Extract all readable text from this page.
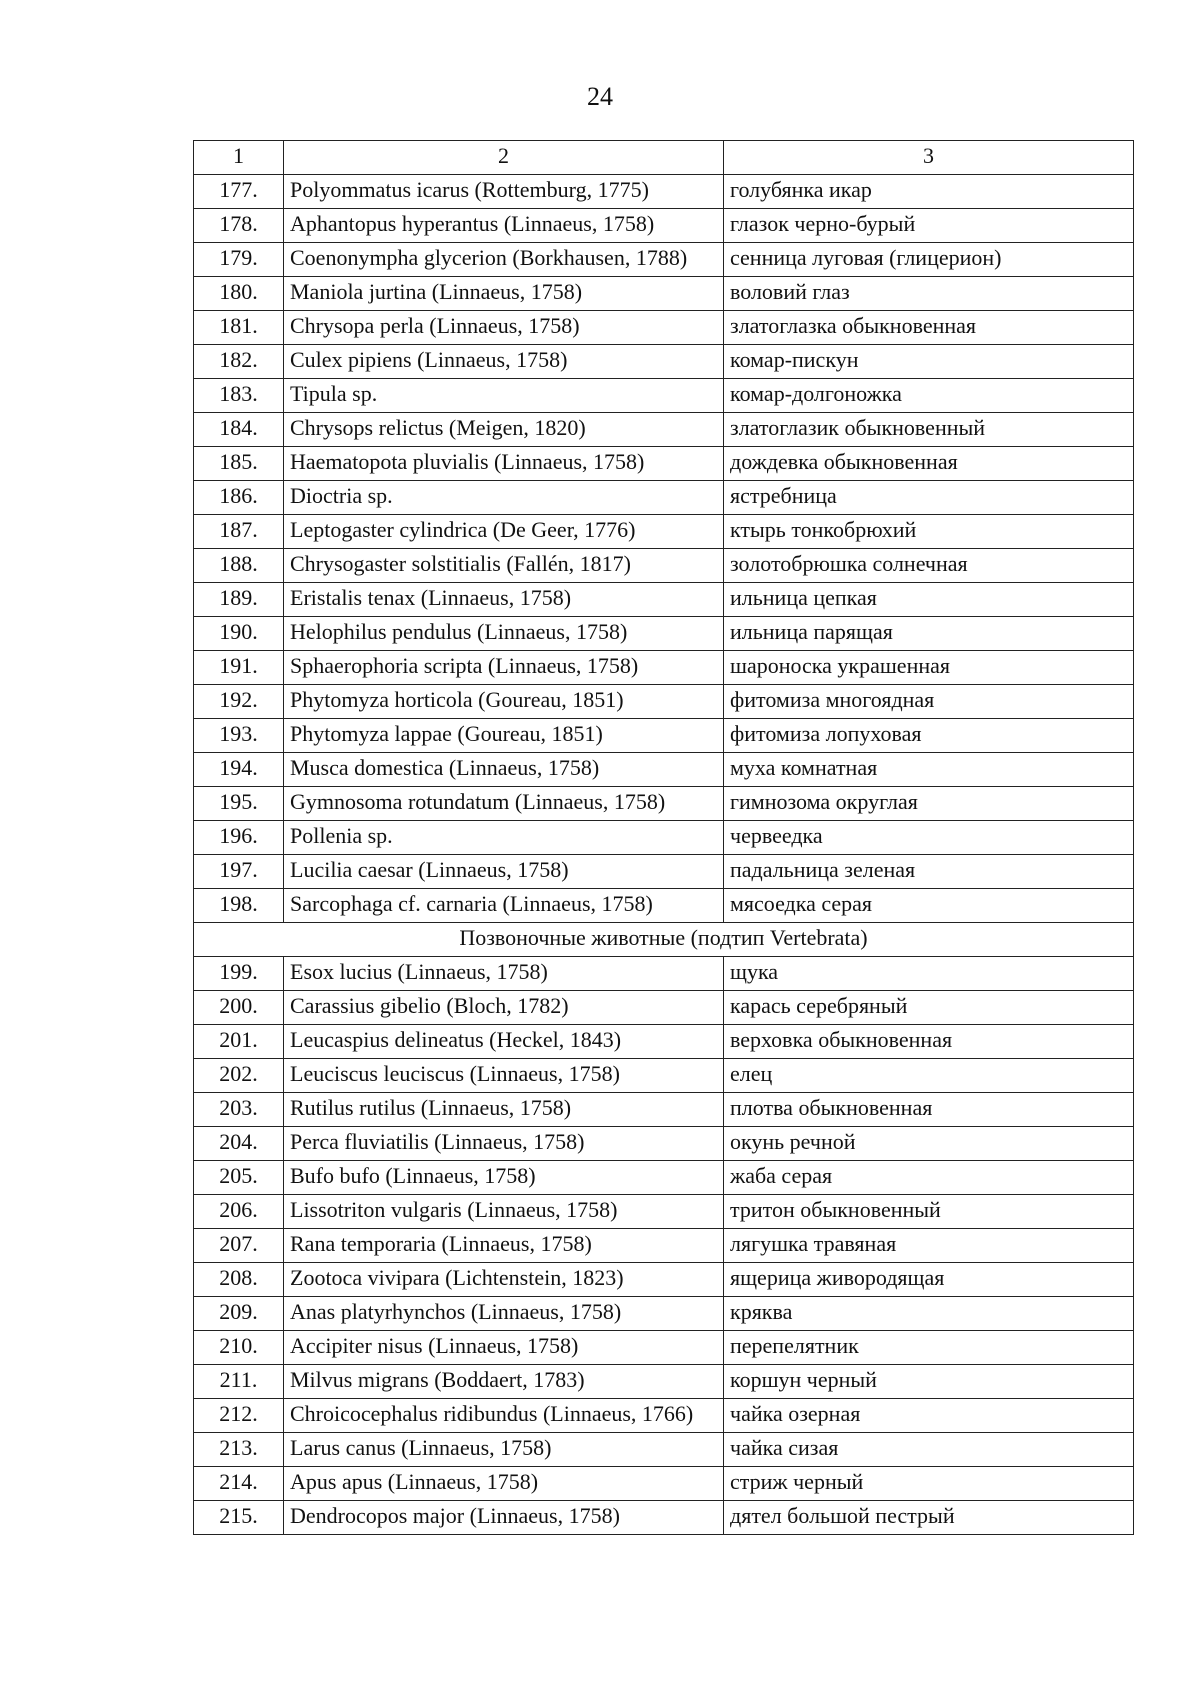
24
1	2	3
177.	Polyommatus icarus (Rottemburg, 1775)	голубянка икар
178.	Aphantopus hyperantus (Linnaeus, 1758)	глазок черно-бурый
179.	Coenonympha glycerion (Borkhausen, 1788)	сенница луговая (глицерион)
180.	Maniola jurtina (Linnaeus, 1758)	воловий глаз
181.	Chrysopa perla (Linnaeus, 1758)	златоглазка обыкновенная
182.	Culex pipiens (Linnaeus, 1758)	комар-пискун
183.	Tipula sp.	комар-долгоножка
184.	Chrysops relictus (Meigen, 1820)	златоглазик обыкновенный
185.	Haematopota pluvialis (Linnaeus, 1758)	дождевка обыкновенная
186.	Dioctria sp.	ястребница
187.	Leptogaster cylindrica (De Geer, 1776)	ктырь тонкобрюхий
188.	Chrysogaster solstitialis (Fallén, 1817)	золотобрюшка солнечная
189.	Eristalis tenax (Linnaeus, 1758)	ильница цепкая
190.	Helophilus pendulus (Linnaeus, 1758)	ильница парящая
191.	Sphaerophoria scripta (Linnaeus, 1758)	шароноска украшенная
192.	Phytomyza horticola (Goureau, 1851)	фитомиза многоядная
193.	Phytomyza lappae (Goureau, 1851)	фитомиза лопуховая
194.	Musca domestica (Linnaeus, 1758)	муха комнатная
195.	Gymnosoma rotundatum (Linnaeus, 1758)	гимнозома округлая
196.	Pollenia sp.	червеедка
197.	Lucilia caesar (Linnaeus, 1758)	падальница зеленая
198.	Sarcophaga cf. carnaria (Linnaeus, 1758)	мясоедка серая
Позвоночные животные (подтип Vertebrata)		
199.	Esox lucius (Linnaeus, 1758)	щука
200.	Carassius gibelio (Bloch, 1782)	карась серебряный
201.	Leucaspius delineatus (Heckel, 1843)	верховка обыкновенная
202.	Leuciscus leuciscus (Linnaeus, 1758)	елец
203.	Rutilus rutilus (Linnaeus, 1758)	плотва обыкновенная
204.	Perca fluviatilis (Linnaeus, 1758)	окунь речной
205.	Bufo bufo (Linnaeus, 1758)	жаба серая
206.	Lissotriton vulgaris (Linnaeus, 1758)	тритон обыкновенный
207.	Rana temporaria (Linnaeus, 1758)	лягушка травяная
208.	Zootoca vivipara (Lichtenstein, 1823)	ящерица живородящая
209.	Anas platyrhynchos (Linnaeus, 1758)	кряква
210.	Accipiter nisus (Linnaeus, 1758)	перепелятник
211.	Milvus migrans (Boddaert, 1783)	коршун черный
212.	Chroicocephalus ridibundus (Linnaeus, 1766)	чайка озерная
213.	Larus canus (Linnaeus, 1758)	чайка сизая
214.	Apus apus (Linnaeus, 1758)	стриж черный
215.	Dendrocopos major (Linnaeus, 1758)	дятел большой пестрый
